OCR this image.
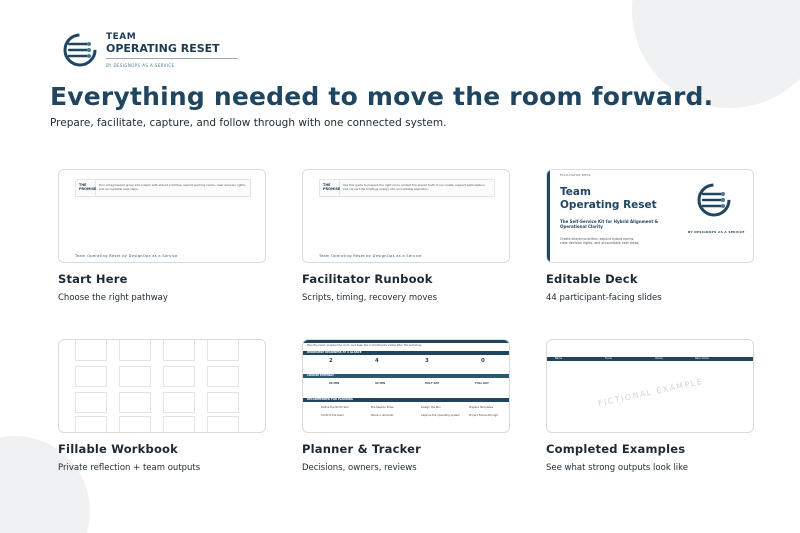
TEAM
OPERATING RESET
BY DESIGNOPS AS A SERVICE
Everything needed to move the room forward.

Prepare, facilitate, capture, and follow through with one connected system.

THE PROMISE
Turn a fragmented group into a team with shared priorities, explicit working norms, clear decision rights, and accountable next steps.
Team Operating Reset by DesignOps as a Service
Start Here
Choose the right pathway
THE PROMISE
Use this guide to prepare the right room, protect the shared truth it can create, support participation, and convert the briefings energy into accountable execution.
Team Operating Reset by DesignOps as a Service
Facilitator Runbook
Scripts, timing, recovery moves
FACILITATOR DECK
Team
Operating Reset
The Self-Service Kit for Hybrid Alignment & Operational Clarity
Create shared priorities, explicit hybrid norms, clear decision rights, and accountable next steps.
BY DESIGNOPS AS A SERVICE
Editable Deck
44 participant-facing slides
Fillable Workbook
Private reflection + team outputs
Plan the reset, prepare the room, and keep the commitments visible after the workshop.
WORKSHOP READINESS AT A GLANCE
2	4	3	0
CHOOSE PATHWAY
60 MIN	90 MIN	HALF DAY	FULL DAY
RECOMMENDED FOR PLANNING
Define the North Star	Pre-Session Pulse	Design the Run	Prepare Templates
Confirm the team	Share a reminder	Capture the operating system	Project Follow-through
Planner & Tracker
Decisions, owners, reviews
Name	Focus	Owner	Next Action
FICTIONAL EXAMPLE
Completed Examples
See what strong outputs look like
